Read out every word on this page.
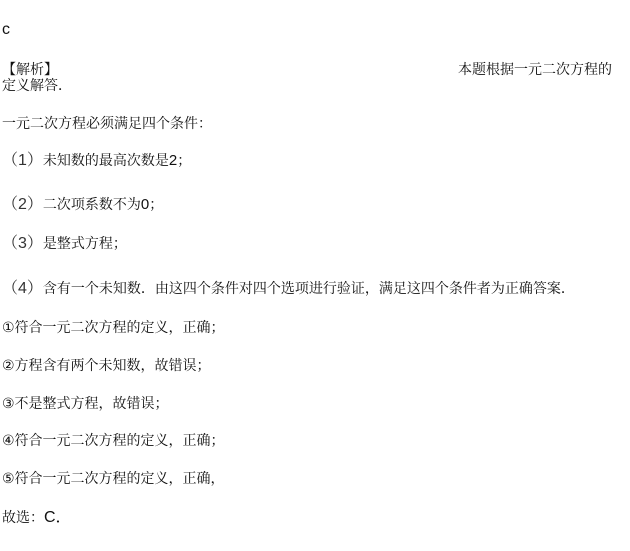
c
【解析】	本题根据一元二次方程的
定义解答．
一元二次方程必须满足四个条件：
（1）未知数的最高次数是2；
（2）二次项系数不为0；
（3）是整式方程；
（4）含有一个未知数．由这四个条件对四个选项进行验证，满足这四个条件者为正确答案．
①符合一元二次方程的定义，正确；
②方程含有两个未知数，故错误；
③不是整式方程，故错误；
④符合一元二次方程的定义，正确；
⑤符合一元二次方程的定义，正确，
故选：C．
